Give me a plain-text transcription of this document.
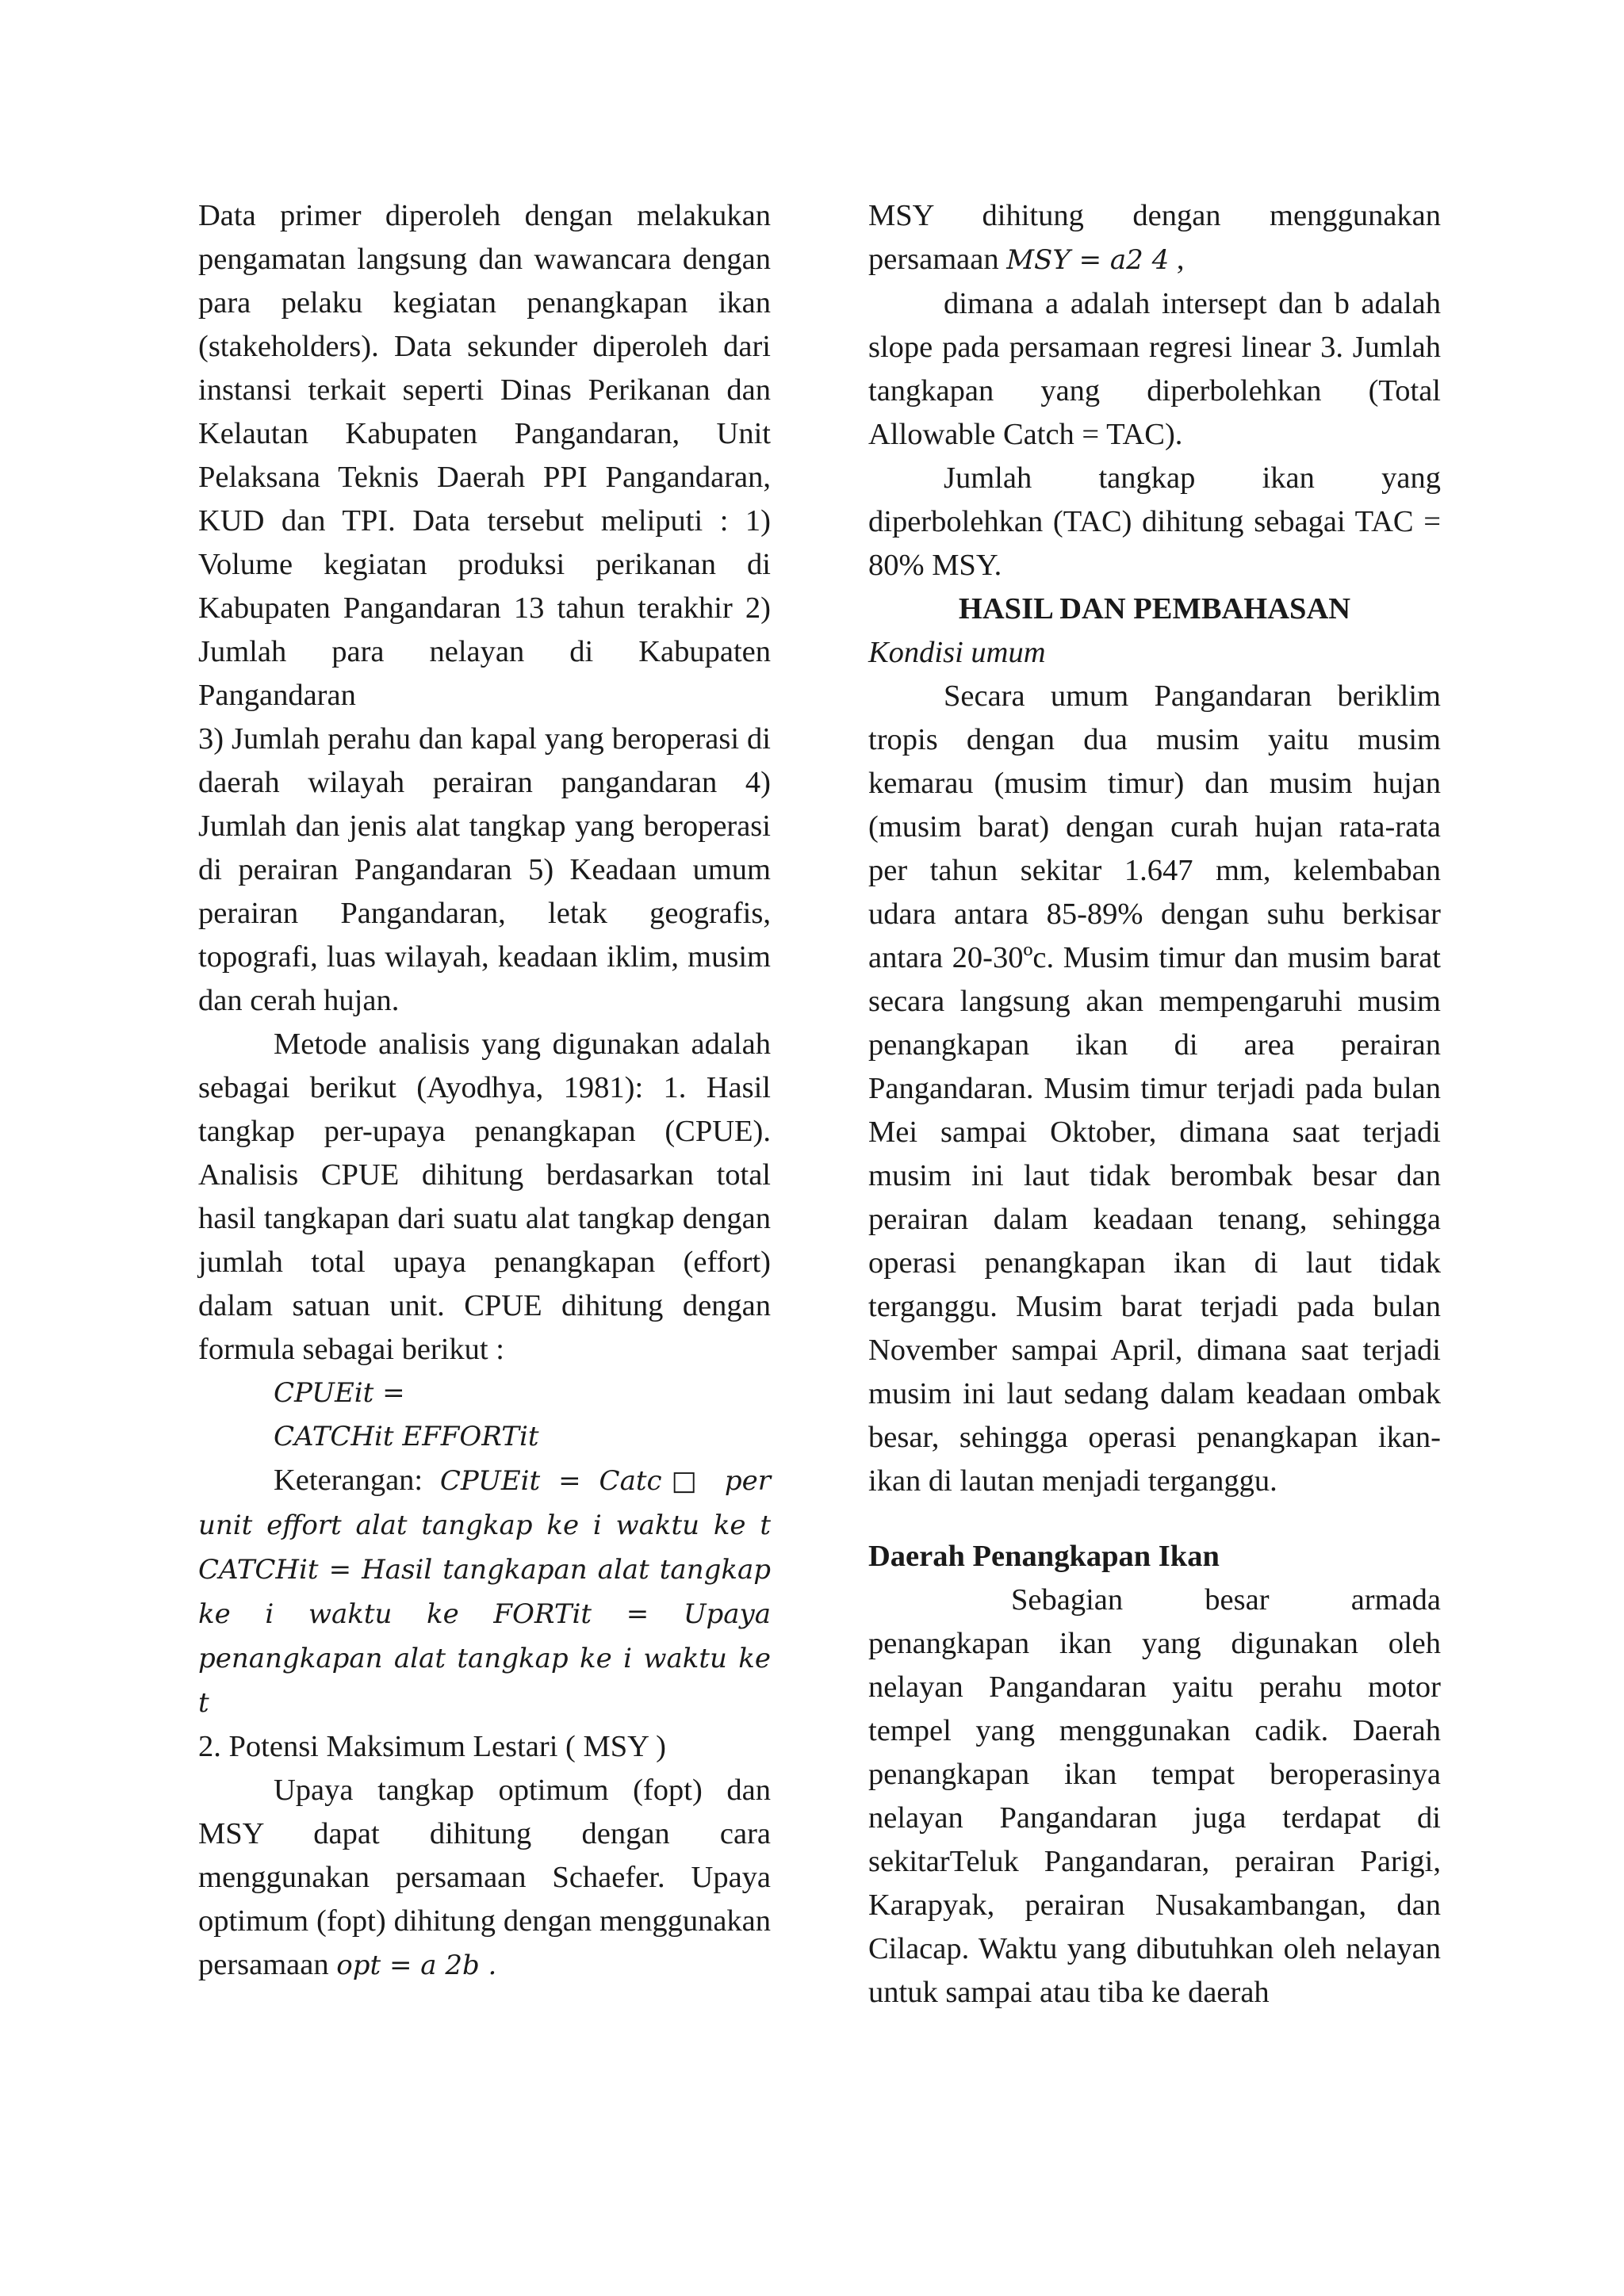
Data primer diperoleh dengan melakukan pengamatan langsung dan wawancara dengan para pelaku kegiatan penangkapan ikan (stakeholders). Data sekunder diperoleh dari instansi terkait seperti Dinas Perikanan dan Kelautan Kabupaten Pangandaran, Unit Pelaksana Teknis Daerah PPI Pangandaran, KUD dan TPI. Data tersebut meliputi : 1) Volume kegiatan produksi perikanan di Kabupaten Pangandaran 13 tahun terakhir 2) Jumlah para nelayan di Kabupaten Pangandaran

3) Jumlah perahu dan kapal yang beroperasi di daerah wilayah perairan pangandaran 4) Jumlah dan jenis alat tangkap yang beroperasi di perairan Pangandaran 5) Keadaan umum perairan Pangandaran, letak geografis, topografi, luas wilayah, keadaan iklim, musim dan cerah hujan.

Metode analisis yang digunakan adalah sebagai berikut (Ayodhya, 1981): 1. Hasil tangkap per-upaya penangkapan (CPUE). Analisis CPUE dihitung berdasarkan total hasil tangkapan dari suatu alat tangkap dengan jumlah total upaya penangkapan (effort) dalam satuan unit. CPUE dihitung dengan formula sebagai berikut :

CPUEit =

CATCHit EFFORTit

Keterangan: CPUEit = Catc□ per unit effort alat tangkap ke i waktu ke t CATCHit = Hasil tangkapan alat tangkap ke i waktu ke FORTit = Upaya penangkapan alat tangkap ke i waktu ke t

2. Potensi Maksimum Lestari ( MSY )

Upaya tangkap optimum (fopt) dan MSY dapat dihitung dengan cara menggunakan persamaan Schaefer. Upaya optimum (fopt) dihitung dengan menggunakan persamaan opt = a 2b .

MSY dihitung dengan menggunakan persamaan MSY = a2 4 ,

dimana a adalah intersept dan b adalah slope pada persamaan regresi linear 3. Jumlah tangkapan yang diperbolehkan (Total Allowable Catch = TAC).

Jumlah tangkap ikan yang diperbolehkan (TAC) dihitung sebagai TAC = 80% MSY.

HASIL DAN PEMBAHASAN

Kondisi umum

Secara umum Pangandaran beriklim tropis dengan dua musim yaitu musim kemarau (musim timur) dan musim hujan (musim barat) dengan curah hujan rata-rata per tahun sekitar 1.647 mm, kelembaban udara antara 85-89% dengan suhu berkisar antara 20-30ºc. Musim timur dan musim barat secara langsung akan mempengaruhi musim penangkapan ikan di area perairan Pangandaran. Musim timur terjadi pada bulan Mei sampai Oktober, dimana saat terjadi musim ini laut tidak berombak besar dan perairan dalam keadaan tenang, sehingga operasi penangkapan ikan di laut tidak terganggu. Musim barat terjadi pada bulan November sampai April, dimana saat terjadi musim ini laut sedang dalam keadaan ombak besar, sehingga operasi penangkapan ikan-ikan di lautan menjadi terganggu.

Daerah Penangkapan Ikan

Sebagian besar armada penangkapan ikan yang digunakan oleh nelayan Pangandaran yaitu perahu motor tempel yang menggunakan cadik. Daerah penangkapan ikan tempat beroperasinya nelayan Pangandaran juga terdapat di sekitarTeluk Pangandaran, perairan Parigi, Karapyak, perairan Nusakambangan, dan Cilacap. Waktu yang dibutuhkan oleh nelayan untuk sampai atau tiba ke daerah
